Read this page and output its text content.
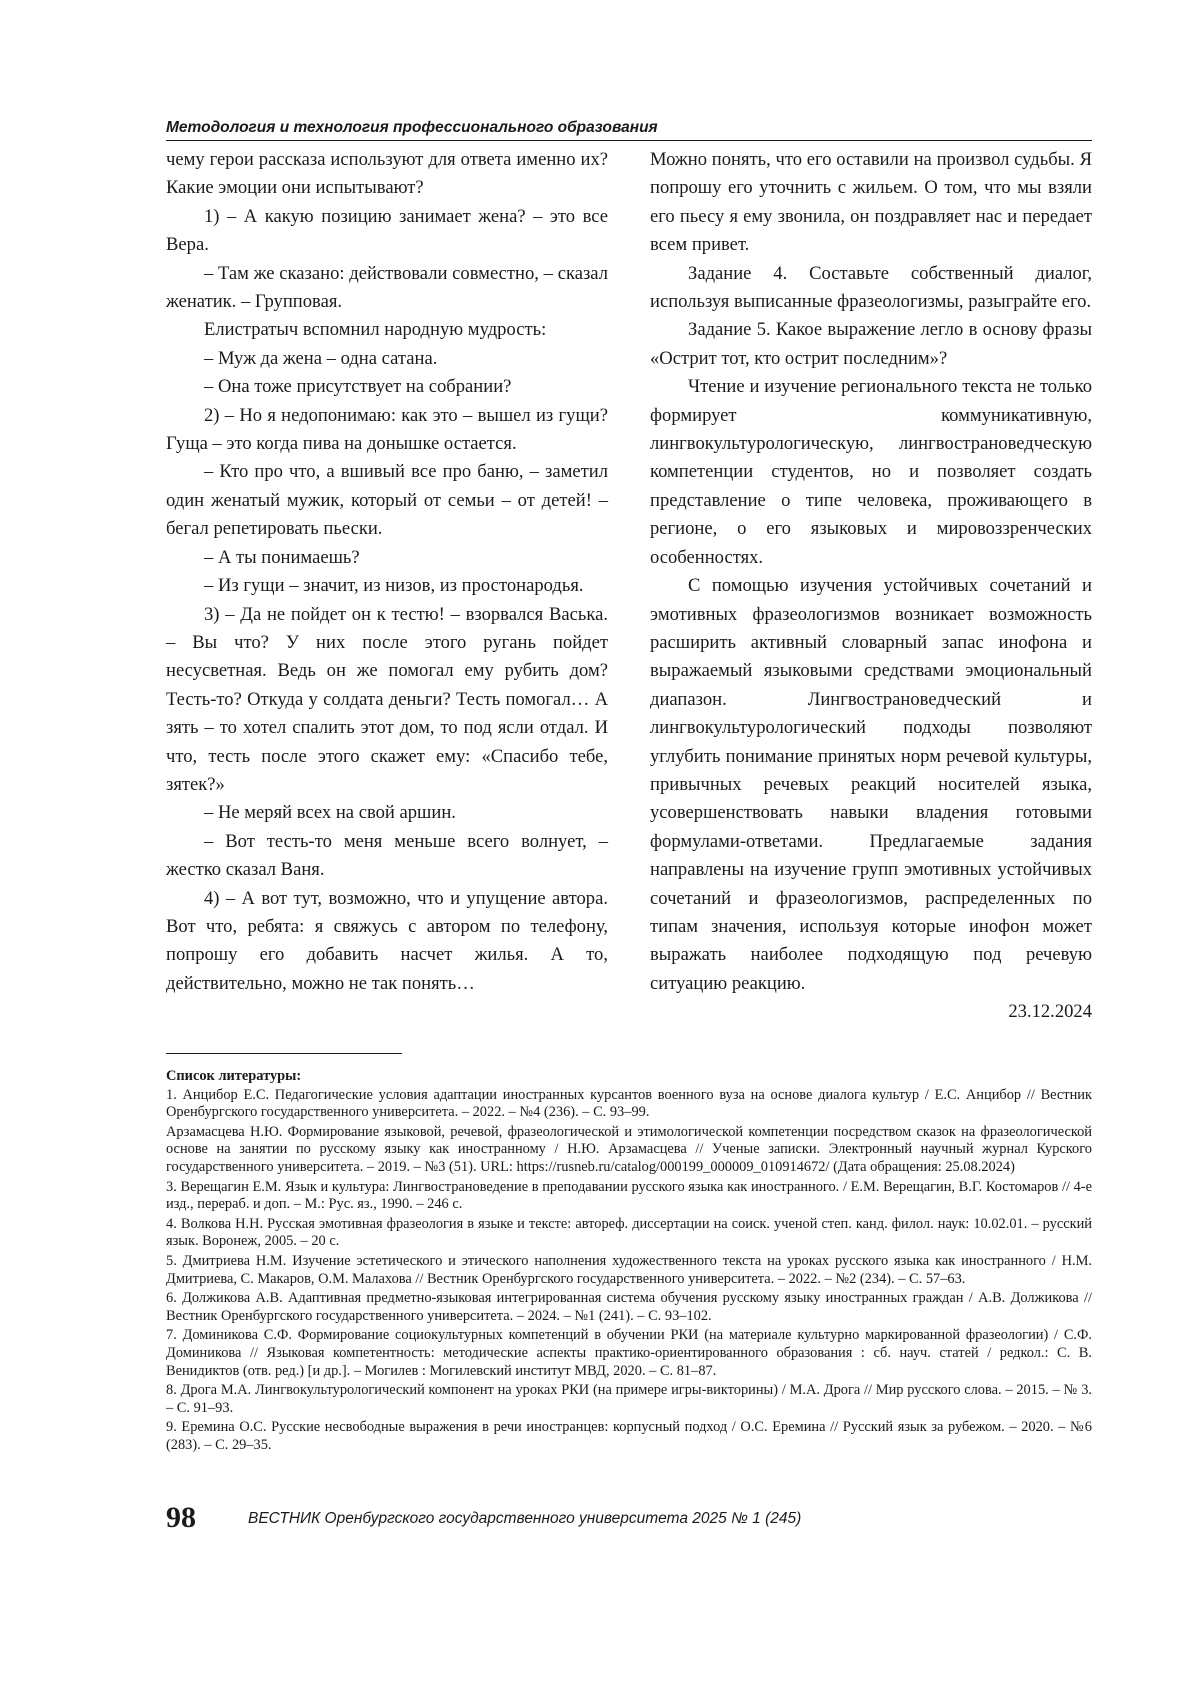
Методология и технология профессионального образования

чему герои рассказа используют для ответа именно их? Какие эмоции они испытывают?

1) – А какую позицию занимает жена? – это все Вера.

– Там же сказано: действовали совместно, – сказал женатик. – Групповая.

Елистратыч вспомнил народную мудрость:

– Муж да жена – одна сатана.

– Она тоже присутствует на собрании?

2) – Но я недопонимаю: как это – вышел из гущи? Гуща – это когда пива на донышке остается.

– Кто про что, а вшивый все про баню, – заметил один женатый мужик, который от семьи – от детей! – бегал репетировать пьески.

– А ты понимаешь?

– Из гущи – значит, из низов, из простонародья.

3) – Да не пойдет он к тестю! – взорвался Васька. – Вы что? У них после этого ругань пойдет несусветная. Ведь он же помогал ему рубить дом? Тесть-то? Откуда у солдата деньги? Тесть помогал… А зять – то хотел спалить этот дом, то под ясли отдал. И что, тесть после этого скажет ему: «Спасибо тебе, зятек?»

– Не меряй всех на свой аршин.

– Вот тесть-то меня меньше всего волнует, – жестко сказал Ваня.

4) – А вот тут, возможно, что и упущение автора. Вот что, ребята: я свяжусь с автором по телефону, попрошу его добавить насчет жилья. А то, действительно, можно не так понять…

Можно понять, что его оставили на произвол судьбы. Я попрошу его уточнить с жильем. О том, что мы взяли его пьесу я ему звонила, он поздравляет нас и передает всем привет.

Задание 4. Составьте собственный диалог, используя выписанные фразеологизмы, разыграйте его.

Задание 5. Какое выражение легло в основу фразы «Острит тот, кто острит последним»?

Чтение и изучение регионального текста не только формирует коммуникативную, лингвокультурологическую, лингвострановедческую компетенции студентов, но и позволяет создать представление о типе человека, проживающего в регионе, о его языковых и мировоззренческих особенностях.

С помощью изучения устойчивых сочетаний и эмотивных фразеологизмов возникает возможность расширить активный словарный запас инофона и выражаемый языковыми средствами эмоциональный диапазон. Лингвострановедческий и лингвокультурологический подходы позволяют углубить понимание принятых норм речевой культуры, привычных речевых реакций носителей языка, усовершенствовать навыки владения готовыми формулами-ответами. Предлагаемые задания направлены на изучение групп эмотивных устойчивых сочетаний и фразеологизмов, распределенных по типам значения, используя которые инофон может выражать наиболее подходящую под речевую ситуацию реакцию.

23.12.2024

Список литературы:
1. Анцибор Е.С. Педагогические условия адаптации иностранных курсантов военного вуза на основе диалога культур / Е.С. Анцибор // Вестник Оренбургского государственного университета. – 2022. – №4 (236). – С. 93–99.
Арзамасцева Н.Ю. Формирование языковой, речевой, фразеологической и этимологической компетенции посредством сказок на фразеологической основе на занятии по русскому языку как иностранному / Н.Ю. Арзамасцева // Ученые записки. Электронный научный журнал Курского государственного университета. – 2019. – №3 (51). URL: https://rusneb.ru/catalog/000199_000009_010914672/ (Дата обращения: 25.08.2024)
3. Верещагин Е.М. Язык и культура: Лингвострановедение в преподавании русского языка как иностранного. / Е.М. Верещагин, В.Г. Костомаров // 4-е изд., перераб. и доп. – М.: Рус. яз., 1990. – 246 с.
4. Волкова Н.Н. Русская эмотивная фразеология в языке и тексте: автореф. диссертации на соиск. ученой степ. канд. филол. наук: 10.02.01. – русский язык. Воронеж, 2005. – 20 с.
5. Дмитриева Н.М. Изучение эстетического и этического наполнения художественного текста на уроках русского языка как иностранного / Н.М. Дмитриева, С. Макаров, О.М. Малахова // Вестник Оренбургского государственного университета. – 2022. – №2 (234). – С. 57–63.
6. Должикова А.В. Адаптивная предметно-языковая интегрированная система обучения русскому языку иностранных граждан / А.В. Должикова // Вестник Оренбургского государственного университета. – 2024. – №1 (241). – С. 93–102.
7. Доминикова С.Ф. Формирование социокультурных компетенций в обучении РКИ (на материале культурно маркированной фразеологии) / С.Ф. Доминикова // Языковая компетентность: методические аспекты практико-ориентированного образования : сб. науч. статей / редкол.: С. В. Венидиктов (отв. ред.) [и др.]. – Могилев : Могилевский институт МВД, 2020. – С. 81–87.
8. Дрога М.А. Лингвокультурологический компонент на уроках РКИ (на примере игры-викторины) / М.А. Дрога // Мир русского слова. – 2015. – № 3. – С. 91–93.
9. Еремина О.С. Русские несвободные выражения в речи иностранцев: корпусный подход / О.С. Еремина // Русский язык за рубежом. – 2020. – №6 (283). – С. 29–35.
98	ВЕСТНИК Оренбургского государственного университета 2025 № 1 (245)
